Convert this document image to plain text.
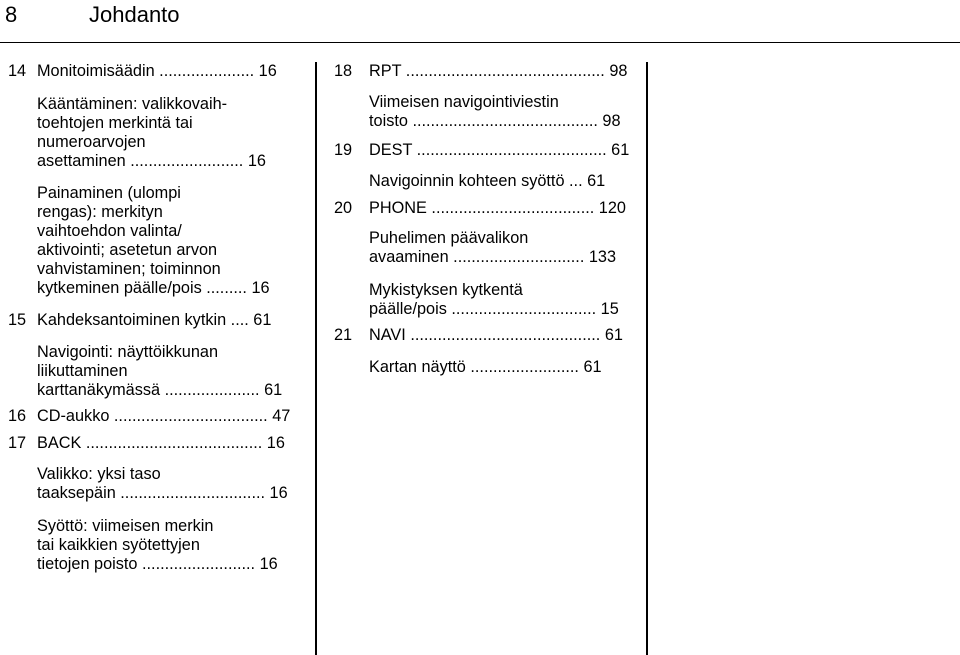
8	Johdanto
14 Monitoimisäädin ..................... 16
Kääntäminen: valikkovaih-
toehtojen merkintä tai
numeroarvojen
asettaminen ......................... 16
Painaminen (ulompi
rengas): merkityn
vaihtoehdon valinta/
aktivointi; asetetun arvon
vahvistaminen; toiminnon
kytkeminen päälle/pois ......... 16
15 Kahdeksantoiminen kytkin .... 61
Navigointi: näyttöikkunan
liikuttaminen
karttanäkymässä ..................... 61
16 CD-aukko .................................. 47
17 BACK ....................................... 16
Valikko: yksi taso
taaksepäin ................................ 16
Syöttö: viimeisen merkin
tai kaikkien syötettyjen
tietojen poisto ......................... 16
18 RPT ............................................ 98
Viimeisen navigointiviestin
toisto ......................................... 98
19 DEST .......................................... 61
Navigoinnin kohteen syöttö ... 61
20 PHONE .................................... 120
Puhelimen päävalikon
avaaminen ............................. 133
Mykistyksen kytkentä
päälle/pois ................................ 15
21 NAVI .......................................... 61
Kartan näyttö ........................ 61
